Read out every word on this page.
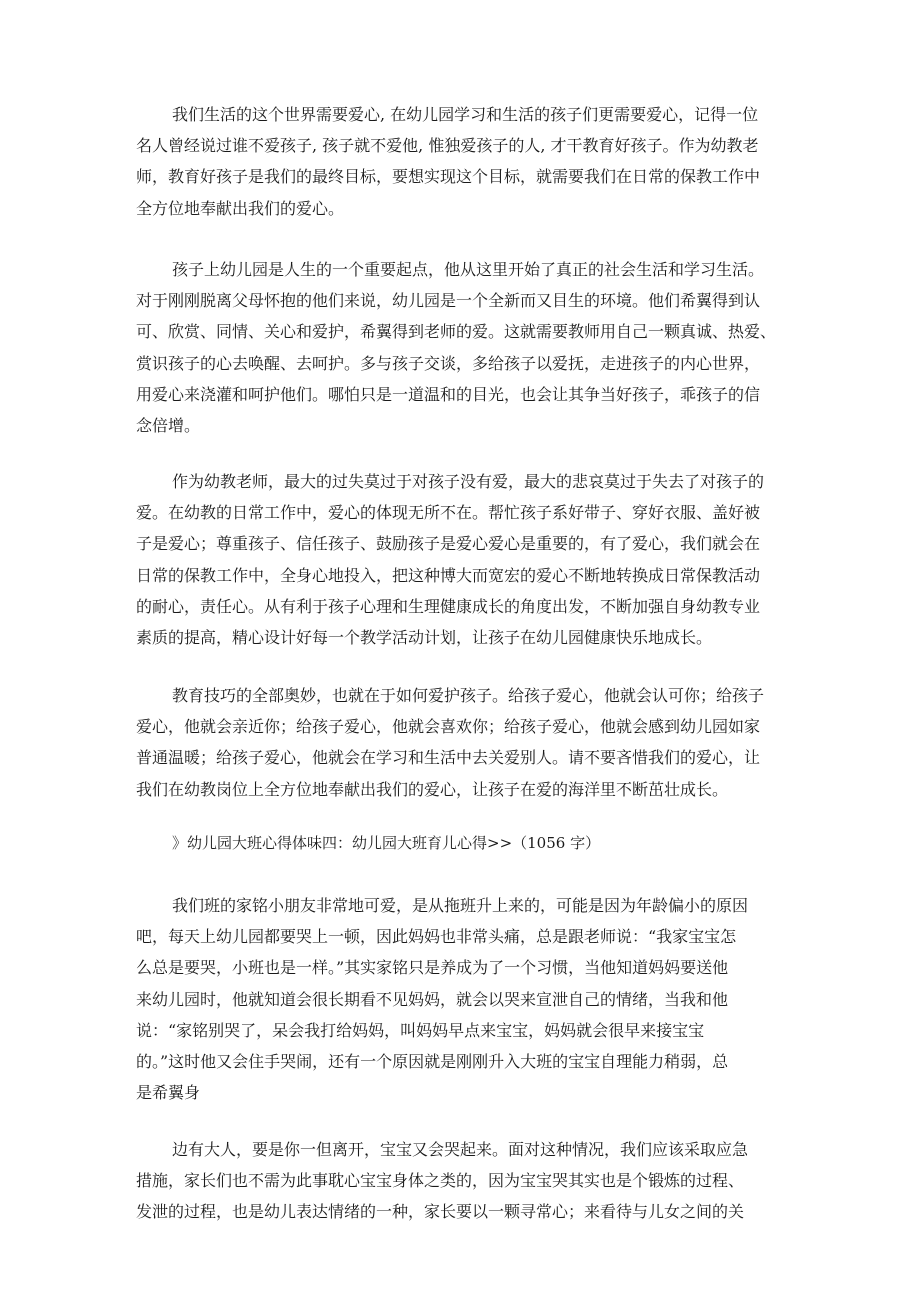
我们生活的这个世界需要爱心, 在幼儿园学习和生活的孩子们更需要爱心，记得一位
名人曾经说过谁不爱孩子, 孩子就不爱他, 惟独爱孩子的人, 才干教育好孩子。作为幼教老
师，教育好孩子是我们的最终目标，要想实现这个目标，就需要我们在日常的保教工作中
全方位地奉献出我们的爱心。
孩子上幼儿园是人生的一个重要起点，他从这里开始了真正的社会生活和学习生活。
对于刚刚脱离父母怀抱的他们来说，幼儿园是一个全新而又目生的环境。他们希翼得到认
可、欣赏、同情、关心和爱护，希翼得到老师的爱。这就需要教师用自己一颗真诚、热爱、
赏识孩子的心去唤醒、去呵护。多与孩子交谈，多给孩子以爱抚，走进孩子的内心世界，
用爱心来浇灌和呵护他们。哪怕只是一道温和的目光，也会让其争当好孩子，乖孩子的信
念倍增。
作为幼教老师，最大的过失莫过于对孩子没有爱，最大的悲哀莫过于失去了对孩子的
爱。在幼教的日常工作中，爱心的体现无所不在。帮忙孩子系好带子、穿好衣服、盖好被
子是爱心；尊重孩子、信任孩子、鼓励孩子是爱心爱心是重要的，有了爱心，我们就会在
日常的保教工作中，全身心地投入，把这种博大而宽宏的爱心不断地转换成日常保教活动
的耐心，责任心。从有利于孩子心理和生理健康成长的角度出发，不断加强自身幼教专业
素质的提高，精心设计好每一个教学活动计划，让孩子在幼儿园健康快乐地成长。
教育技巧的全部奥妙，也就在于如何爱护孩子。给孩子爱心，他就会认可你；给孩子
爱心，他就会亲近你；给孩子爱心，他就会喜欢你；给孩子爱心，他就会感到幼儿园如家
普通温暖；给孩子爱心，他就会在学习和生活中去关爱别人。请不要吝惜我们的爱心，让
我们在幼教岗位上全方位地奉献出我们的爱心，让孩子在爱的海洋里不断茁壮成长。
》幼儿园大班心得体味四：幼儿园大班育儿心得>>（1056 字）
我们班的家铭小朋友非常地可爱，是从拖班升上来的，可能是因为年龄偏小的原因
吧，每天上幼儿园都要哭上一顿，因此妈妈也非常头痛，总是跟老师说：“我家宝宝怎
么总是要哭，小班也是一样。”其实家铭只是养成为了一个习惯，当他知道妈妈要送他
来幼儿园时，他就知道会很长期看不见妈妈，就会以哭来宣泄自己的情绪，当我和他
说：“家铭别哭了，呆会我打给妈妈，叫妈妈早点来宝宝，妈妈就会很早来接宝宝
的。”这时他又会住手哭闹，还有一个原因就是刚刚升入大班的宝宝自理能力稍弱，总
是希翼身
边有大人，要是你一但离开，宝宝又会哭起来。面对这种情况，我们应该采取应急
措施，家长们也不需为此事耽心宝宝身体之类的，因为宝宝哭其实也是个锻炼的过程、
发泄的过程，也是幼儿表达情绪的一种，家长要以一颗寻常心；来看待与儿女之间的关
